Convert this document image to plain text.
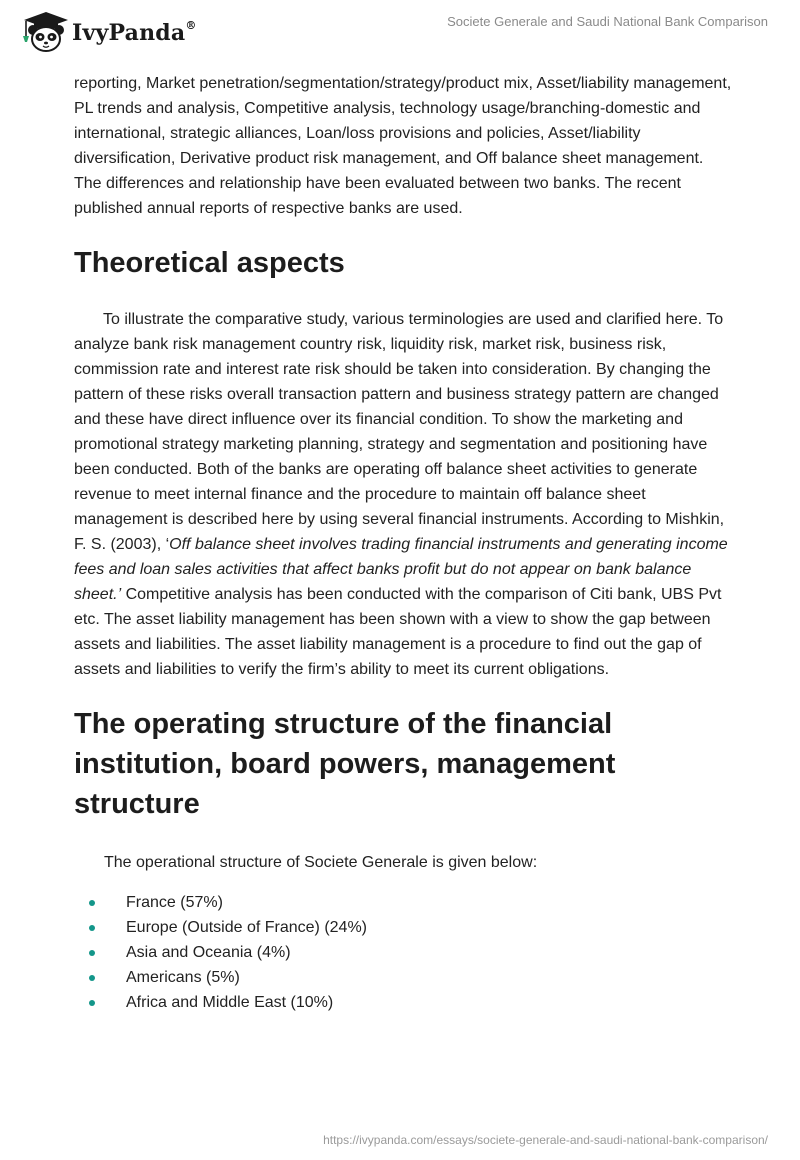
IvyPanda®	Societe Generale and Saudi National Bank Comparison

reporting, Market penetration/segmentation/strategy/product mix, Asset/liability management, PL trends and analysis, Competitive analysis, technology usage/branching-domestic and international, strategic alliances, Loan/loss provisions and policies, Asset/liability diversification, Derivative product risk management, and Off balance sheet management. The differences and relationship have been evaluated between two banks. The recent published annual reports of respective banks are used.

Theoretical aspects

To illustrate the comparative study, various terminologies are used and clarified here. To analyze bank risk management country risk, liquidity risk, market risk, business risk, commission rate and interest rate risk should be taken into consideration. By changing the pattern of these risks overall transaction pattern and business strategy pattern are changed and these have direct influence over its financial condition. To show the marketing and promotional strategy marketing planning, strategy and segmentation and positioning have been conducted. Both of the banks are operating off balance sheet activities to generate revenue to meet internal finance and the procedure to maintain off balance sheet management is described here by using several financial instruments. According to Mishkin, F. S. (2003), ‘Off balance sheet involves trading financial instruments and generating income fees and loan sales activities that affect banks profit but do not appear on bank balance sheet.’ Competitive analysis has been conducted with the comparison of Citi bank, UBS Pvt etc. The asset liability management has been shown with a view to show the gap between assets and liabilities. The asset liability management is a procedure to find out the gap of assets and liabilities to verify the firm’s ability to meet its current obligations.

The operating structure of the financial institution, board powers, management structure

The operational structure of Societe Generale is given below:

France (57%)
Europe (Outside of France) (24%)
Asia and Oceania (4%)
Americans (5%)
Africa and Middle East (10%)
https://ivypanda.com/essays/societe-generale-and-saudi-national-bank-comparison/
